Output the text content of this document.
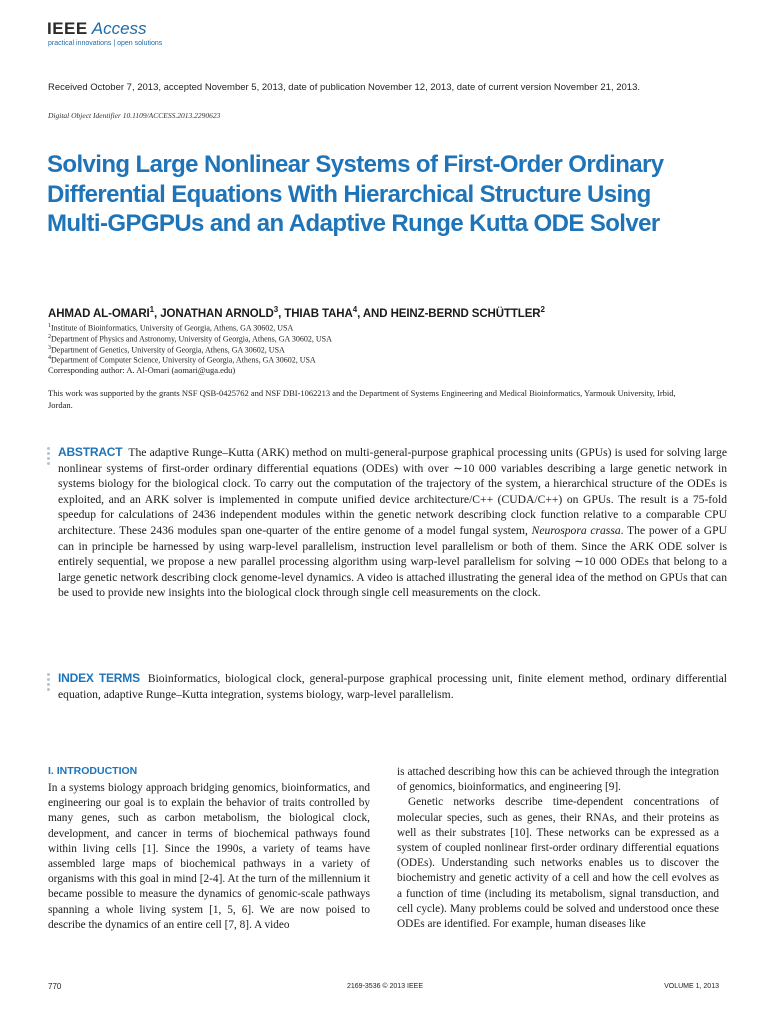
IEEE Access
practical innovations | open solutions
Received October 7, 2013, accepted November 5, 2013, date of publication November 12, 2013, date of current version November 21, 2013.
Digital Object Identifier 10.1109/ACCESS.2013.2290623
Solving Large Nonlinear Systems of First-Order Ordinary Differential Equations With Hierarchical Structure Using Multi-GPGPUs and an Adaptive Runge Kutta ODE Solver
AHMAD AL-OMARI$^1$, JONATHAN ARNOLD$^3$, THIAB TAHA$^4$, AND HEINZ-BERND SCHÜTTLER$^2$
$^1$Institute of Bioinformatics, University of Georgia, Athens, GA 30602, USA
$^2$Department of Physics and Astronomy, University of Georgia, Athens, GA 30602, USA
$^3$Department of Genetics, University of Georgia, Athens, GA 30602, USA
$^4$Department of Computer Science, University of Georgia, Athens, GA 30602, USA
Corresponding author: A. Al-Omari (aomari@uga.edu)
This work was supported by the grants NSF QSB-0425762 and NSF DBI-1062213 and the Department of Systems Engineering and Medical Bioinformatics, Yarmouk University, Irbid, Jordan.
ABSTRACT The adaptive Runge–Kutta (ARK) method on multi-general-purpose graphical processing units (GPUs) is used for solving large nonlinear systems of first-order ordinary differential equations (ODEs) with over ∼10 000 variables describing a large genetic network in systems biology for the biological clock. To carry out the computation of the trajectory of the system, a hierarchical structure of the ODEs is exploited, and an ARK solver is implemented in compute unified device architecture/C++ (CUDA/C++) on GPUs. The result is a 75-fold speedup for calculations of 2436 independent modules within the genetic network describing clock function relative to a comparable CPU architecture. These 2436 modules span one-quarter of the entire genome of a model fungal system, Neurospora crassa. The power of a GPU can in principle be harnessed by using warp-level parallelism, instruction level parallelism or both of them. Since the ARK ODE solver is entirely sequential, we propose a new parallel processing algorithm using warp-level parallelism for solving ∼10 000 ODEs that belong to a large genetic network describing clock genome-level dynamics. A video is attached illustrating the general idea of the method on GPUs that can be used to provide new insights into the biological clock through single cell measurements on the clock.
INDEX TERMS Bioinformatics, biological clock, general-purpose graphical processing unit, finite element method, ordinary differential equation, adaptive Runge–Kutta integration, systems biology, warp-level parallelism.
I. INTRODUCTION
In a systems biology approach bridging genomics, bioinformatics, and engineering our goal is to explain the behavior of traits controlled by many genes, such as carbon metabolism, the biological clock, development, and cancer in terms of biochemical pathways found within living cells [1]. Since the 1990s, a variety of teams have assembled large maps of biochemical pathways in a variety of organisms with this goal in mind [2-4]. At the turn of the millennium it became possible to measure the dynamics of genomic-scale pathways spanning a whole living system [1, 5, 6]. We are now poised to describe the dynamics of an entire cell [7, 8]. A video
is attached describing how this can be achieved through the integration of genomics, bioinformatics, and engineering [9].
Genetic networks describe time-dependent concentrations of molecular species, such as genes, their RNAs, and their proteins as well as their substrates [10]. These networks can be expressed as a system of coupled nonlinear first-order ordinary differential equations (ODEs). Understanding such networks enables us to discover the biochemistry and genetic activity of a cell and how the cell evolves as a function of time (including its metabolism, signal transduction, and cell cycle). Many problems could be solved and understood once these ODEs are identified. For example, human diseases like
770	2169-3536 © 2013 IEEE	VOLUME 1, 2013
